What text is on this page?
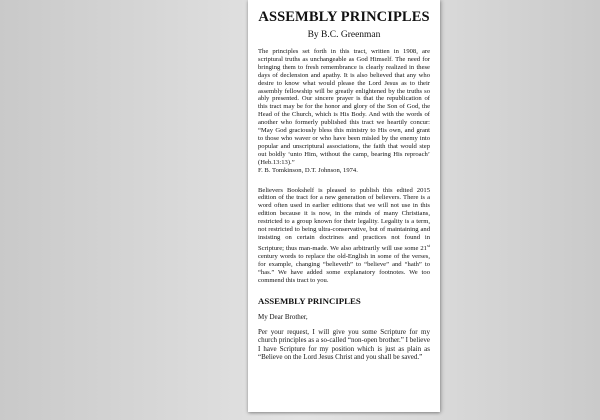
ASSEMBLY PRINCIPLES
By B.C. Greenman

The principles set forth in this tract, written in 1908, are scriptural truths as unchangeable as God Himself. The need for bringing them to fresh remembrance is clearly realized in these days of declension and apathy. It is also believed that any who desire to know what would please the Lord Jesus as to their assembly fellowship will be greatly enlightened by the truths so ably presented. Our sincere prayer is that the republication of this tract may be for the honor and glory of the Son of God, the Head of the Church, which is His Body. And with the words of another who formerly published this tract we heartily concur: “May God graciously bless this ministry to His own, and grant to those who waver or who have been misled by the enemy into popular and unscriptural associations, the faith that would step out boldly ‘unto Him, without the camp, bearing His reproach’ (Heb.13:13).”

F. B. Tomkinson, D.T. Johnson, 1974.

Believers Bookshelf is pleased to publish this edited 2015 edition of the tract for a new generation of believers. There is a word often used in earlier editions that we will not use in this edition because it is now, in the minds of many Christians, restricted to a group known for their legality. Legality is a term, not restricted to being ultra-conservative, but of maintaining and insisting on certain doctrines and practices not found in Scripture; thus man-made. We also arbitrarily will use some 21st century words to replace the old-English in some of the verses, for example, changing “believeth” to “believe” and “hath” to “has.” We have added some explanatory footnotes. We too commend this tract to you.

ASSEMBLY PRINCIPLES
My Dear Brother,

Per your request, I will give you some Scripture for my church principles as a so-called “non-open brother.” I believe I have Scripture for my position which is just as plain as “Believe on the Lord Jesus Christ and you shall be saved.”
